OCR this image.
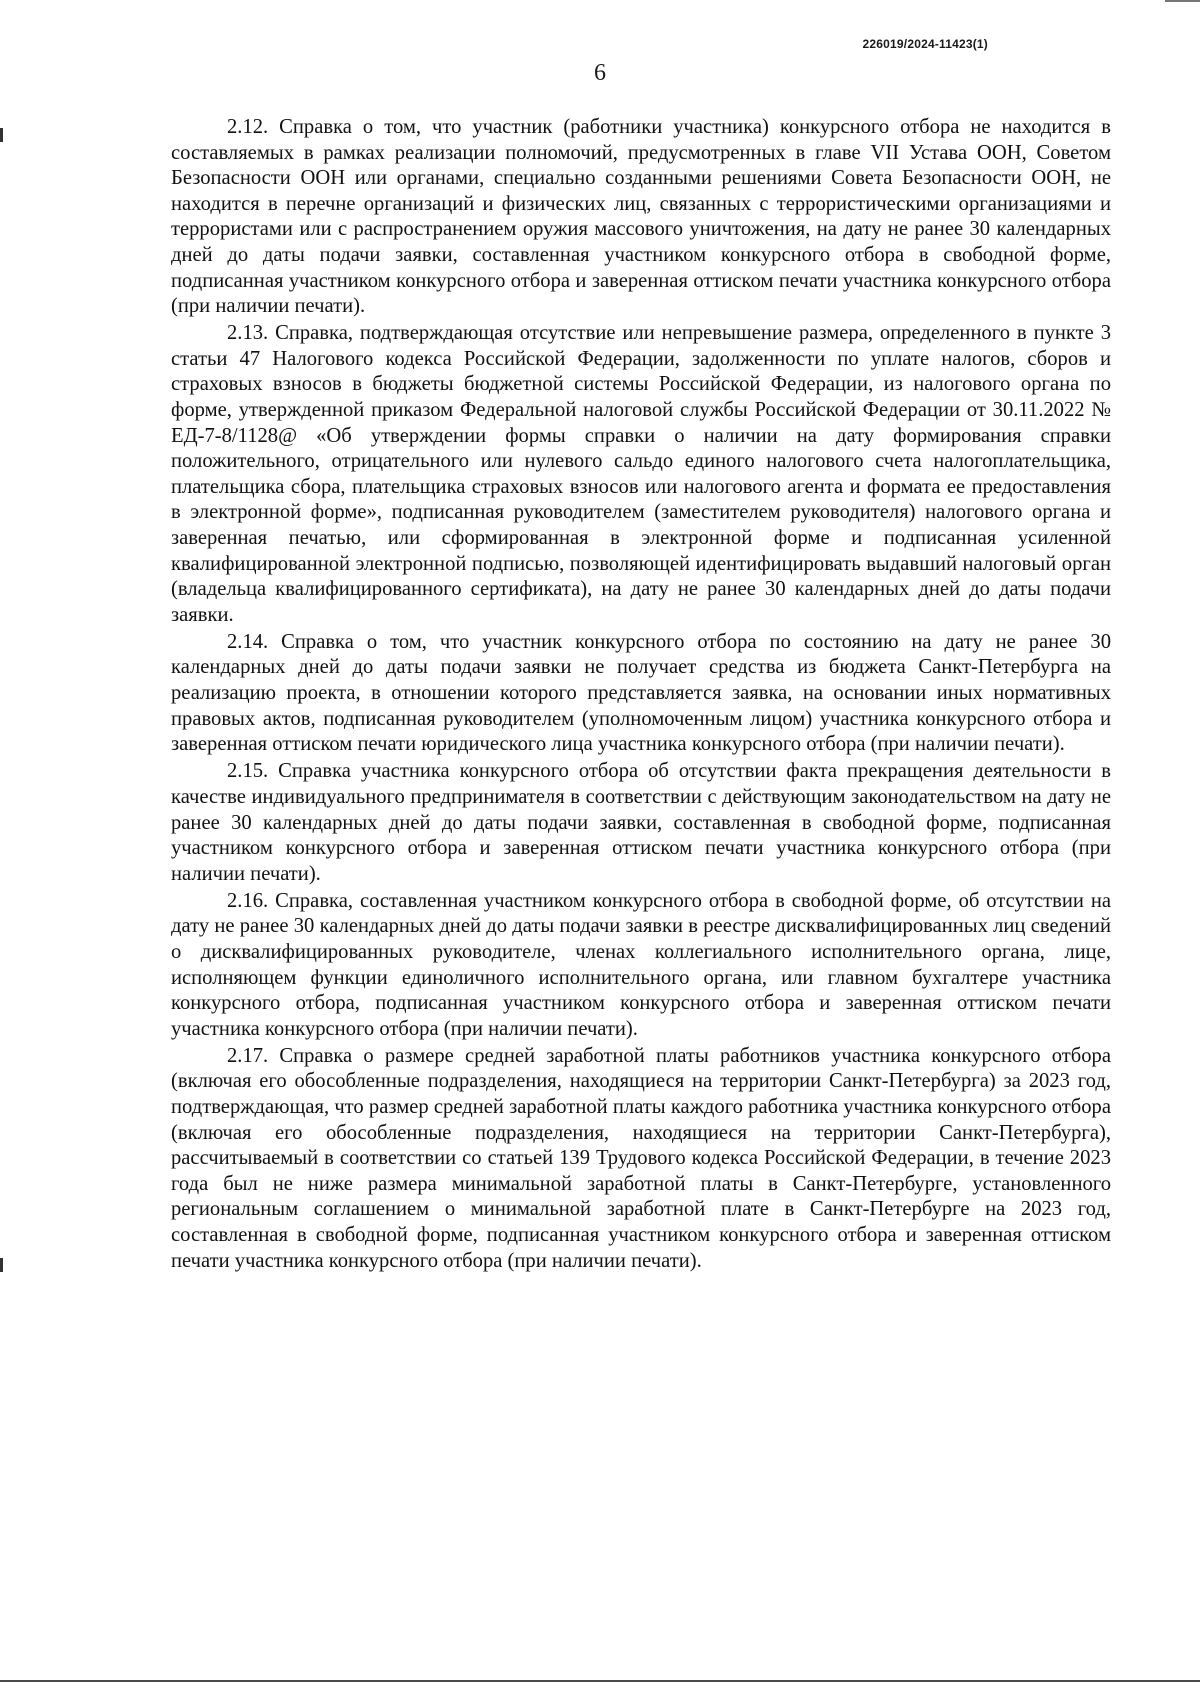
226019/2024-11423(1)
6

2.12. Справка о том, что участник (работники участника) конкурсного отбора не находится в составляемых в рамках реализации полномочий, предусмотренных в главе VII Устава ООН, Советом Безопасности ООН или органами, специально созданными решениями Совета Безопасности ООН, не находится в перечне организаций и физических лиц, связанных с террористическими организациями и террористами или с распространением оружия массового уничтожения, на дату не ранее 30 календарных дней до даты подачи заявки, составленная участником конкурсного отбора в свободной форме, подписанная участником конкурсного отбора и заверенная оттиском печати участника конкурсного отбора (при наличии печати).

2.13. Справка, подтверждающая отсутствие или непревышение размера, определенного в пункте 3 статьи 47 Налогового кодекса Российской Федерации, задолженности по уплате налогов, сборов и страховых взносов в бюджеты бюджетной системы Российской Федерации, из налогового органа по форме, утвержденной приказом Федеральной налоговой службы Российской Федерации от 30.11.2022 № ЕД-7-8/1128@ «Об утверждении формы справки о наличии на дату формирования справки положительного, отрицательного или нулевого сальдо единого налогового счета налогоплательщика, плательщика сбора, плательщика страховых взносов или налогового агента и формата ее предоставления в электронной форме», подписанная руководителем (заместителем руководителя) налогового органа и заверенная печатью, или сформированная в электронной форме и подписанная усиленной квалифицированной электронной подписью, позволяющей идентифицировать выдавший налоговый орган (владельца квалифицированного сертификата), на дату не ранее 30 календарных дней до даты подачи заявки.

2.14. Справка о том, что участник конкурсного отбора по состоянию на дату не ранее 30 календарных дней до даты подачи заявки не получает средства из бюджета Санкт-Петербурга на реализацию проекта, в отношении которого представляется заявка, на основании иных нормативных правовых актов, подписанная руководителем (уполномоченным лицом) участника конкурсного отбора и заверенная оттиском печати юридического лица участника конкурсного отбора (при наличии печати).

2.15. Справка участника конкурсного отбора об отсутствии факта прекращения деятельности в качестве индивидуального предпринимателя в соответствии с действующим законодательством на дату не ранее 30 календарных дней до даты подачи заявки, составленная в свободной форме, подписанная участником конкурсного отбора и заверенная оттиском печати участника конкурсного отбора (при наличии печати).

2.16. Справка, составленная участником конкурсного отбора в свободной форме, об отсутствии на дату не ранее 30 календарных дней до даты подачи заявки в реестре дисквалифицированных лиц сведений о дисквалифицированных руководителе, членах коллегиального исполнительного органа, лице, исполняющем функции единоличного исполнительного органа, или главном бухгалтере участника конкурсного отбора, подписанная участником конкурсного отбора и заверенная оттиском печати участника конкурсного отбора (при наличии печати).

2.17. Справка о размере средней заработной платы работников участника конкурсного отбора (включая его обособленные подразделения, находящиеся на территории Санкт-Петербурга) за 2023 год, подтверждающая, что размер средней заработной платы каждого работника участника конкурсного отбора (включая его обособленные подразделения, находящиеся на территории Санкт-Петербурга), рассчитываемый в соответствии со статьей 139 Трудового кодекса Российской Федерации, в течение 2023 года был не ниже размера минимальной заработной платы в Санкт-Петербурге, установленного региональным соглашением о минимальной заработной плате в Санкт-Петербурге на 2023 год, составленная в свободной форме, подписанная участником конкурсного отбора и заверенная оттиском печати участника конкурсного отбора (при наличии печати).
